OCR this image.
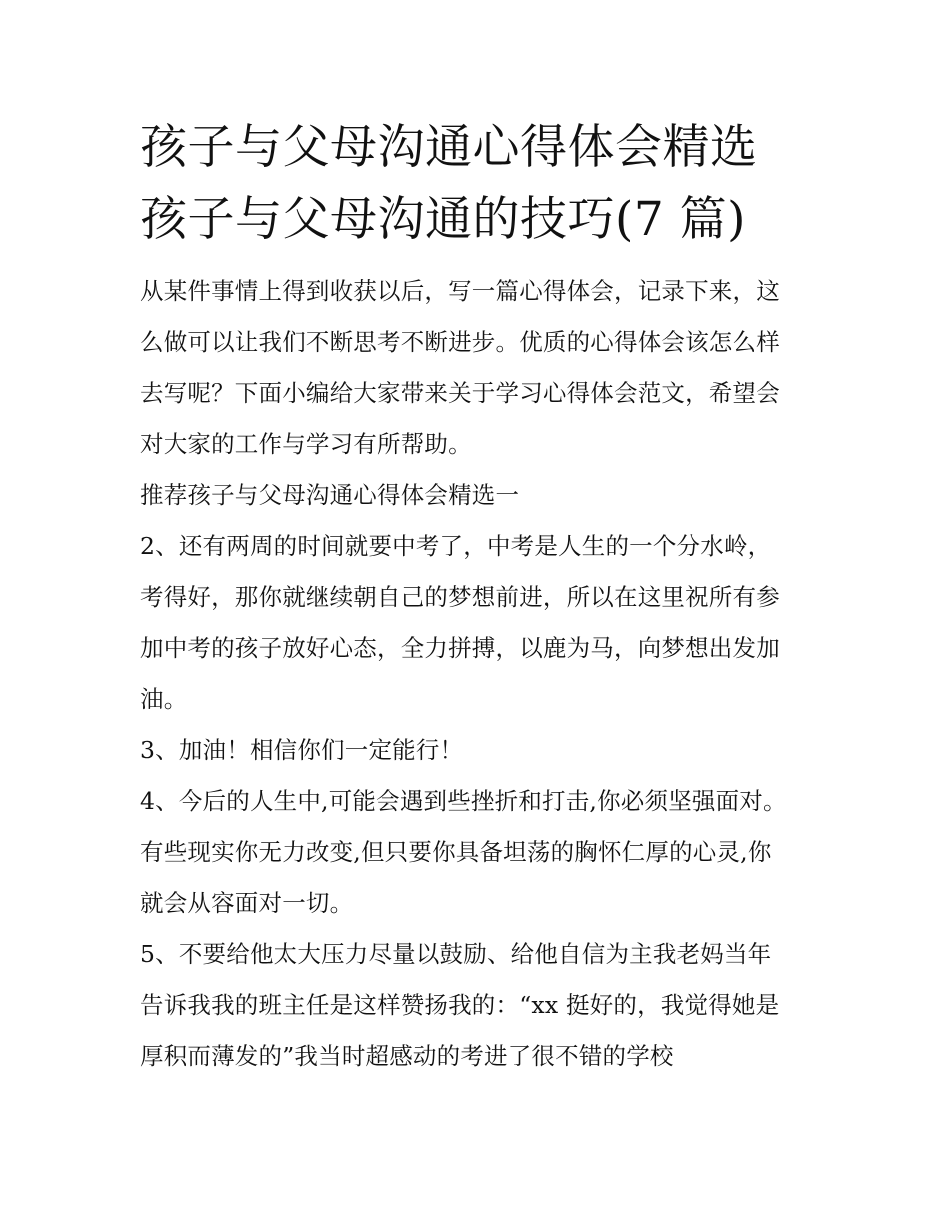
孩子与父母沟通心得体会精选
孩子与父母沟通的技巧(7 篇)

从某件事情上得到收获以后，写一篇心得体会，记录下来，这
么做可以让我们不断思考不断进步。优质的心得体会该怎么样
去写呢？下面小编给大家带来关于学习心得体会范文，希望会
对大家的工作与学习有所帮助。

推荐孩子与父母沟通心得体会精选一

2、还有两周的时间就要中考了，中考是人生的一个分水岭，
考得好，那你就继续朝自己的梦想前进，所以在这里祝所有参
加中考的孩子放好心态，全力拼搏，以鹿为马，向梦想出发加
油。

3、加油！相信你们一定能行！

4、今后的人生中,可能会遇到些挫折和打击,你必须坚强面对。
有些现实你无力改变,但只要你具备坦荡的胸怀仁厚的心灵,你
就会从容面对一切。

5、不要给他太大压力尽量以鼓励、给他自信为主我老妈当年
告诉我我的班主任是这样赞扬我的：“xx 挺好的，我觉得她是
厚积而薄发的”我当时超感动的考进了很不错的学校
